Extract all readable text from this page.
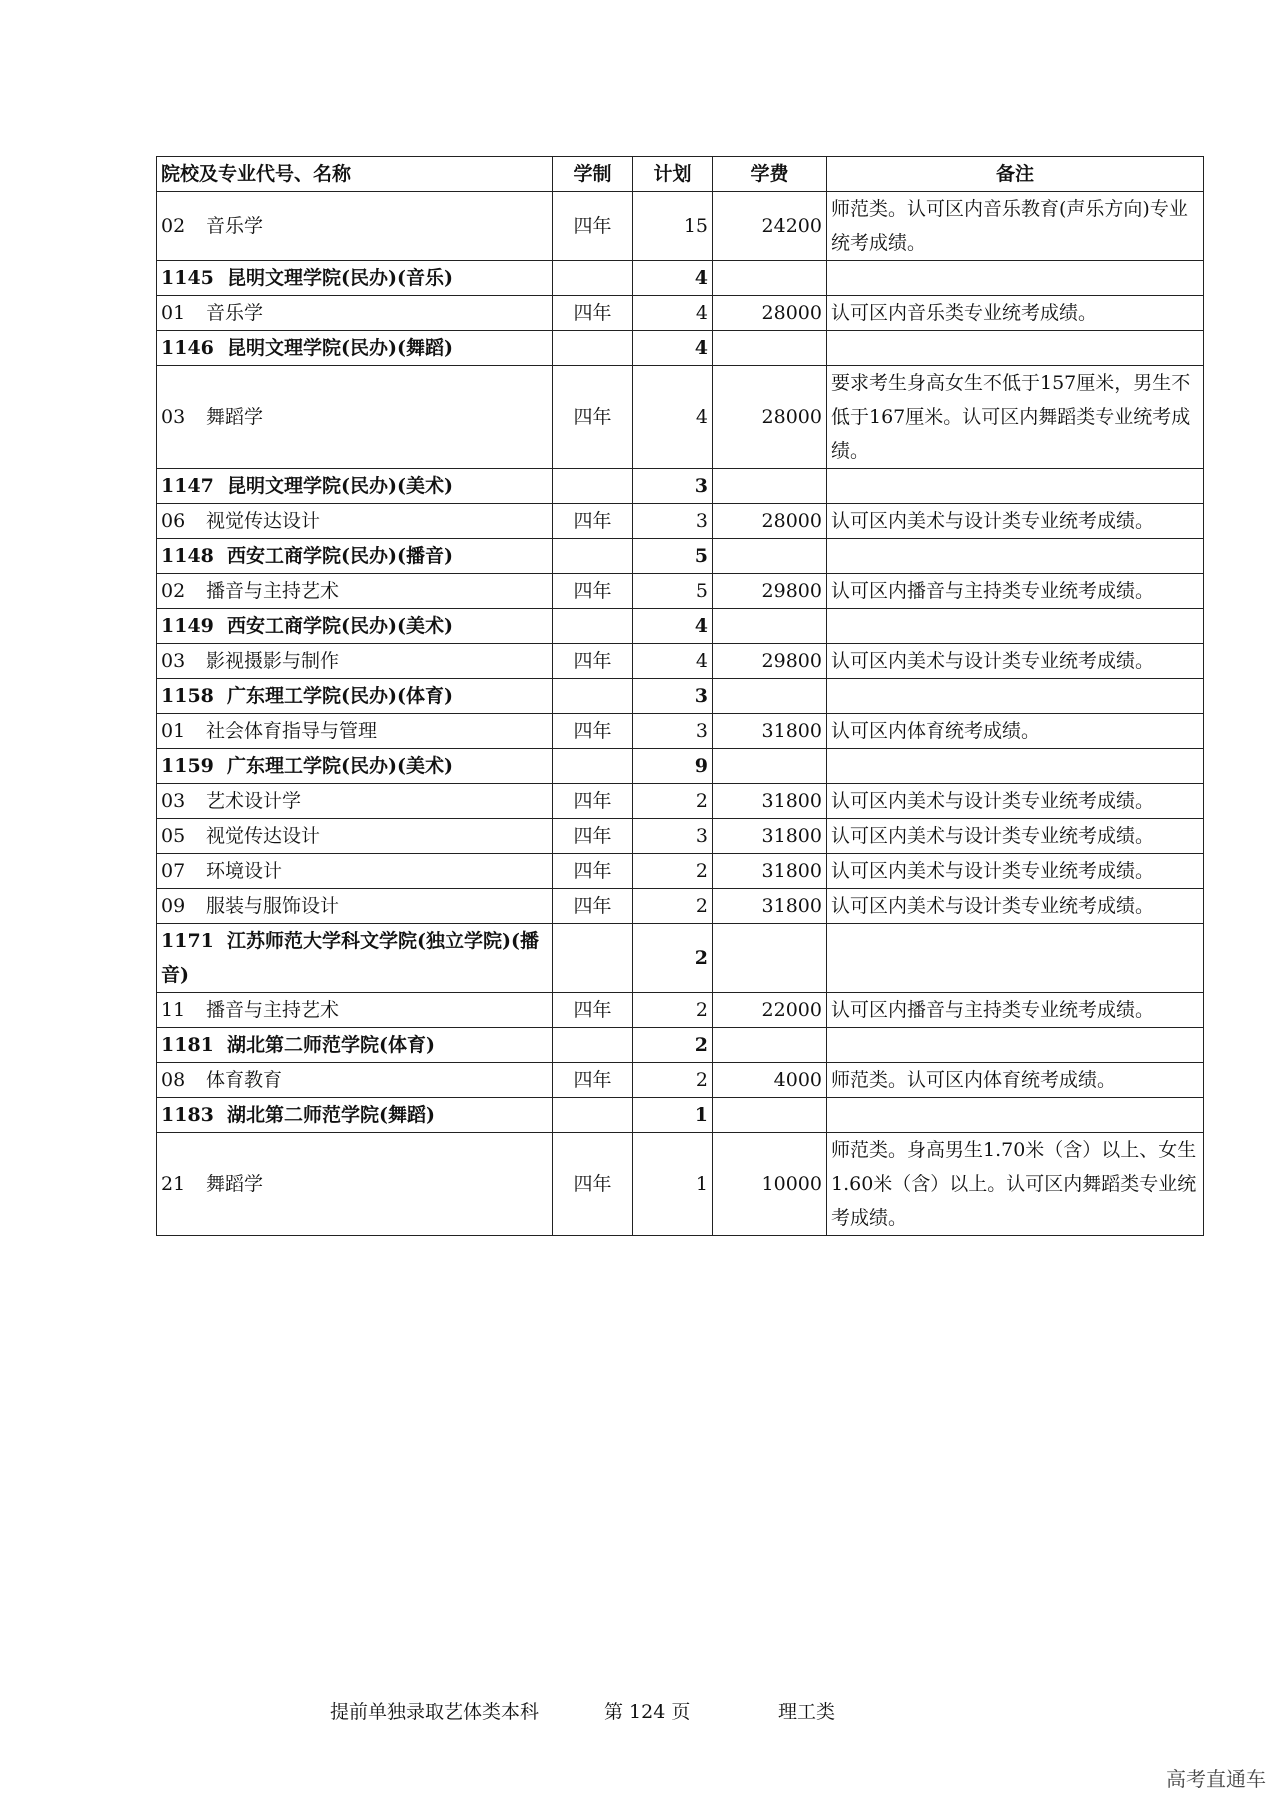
院校及专业代号、名称	学制	计划	学费	备注
02 音乐学	四年	15	24200	师范类。认可区内音乐教育(声乐方向)专业统考成绩。
1145 昆明文理学院(民办)(音乐)		4		
01 音乐学	四年	4	28000	认可区内音乐类专业统考成绩。
1146 昆明文理学院(民办)(舞蹈)		4		
03 舞蹈学	四年	4	28000	要求考生身高女生不低于157厘米，男生不低于167厘米。认可区内舞蹈类专业统考成绩。
1147 昆明文理学院(民办)(美术)		3		
06 视觉传达设计	四年	3	28000	认可区内美术与设计类专业统考成绩。
1148 西安工商学院(民办)(播音)		5		
02 播音与主持艺术	四年	5	29800	认可区内播音与主持类专业统考成绩。
1149 西安工商学院(民办)(美术)		4		
03 影视摄影与制作	四年	4	29800	认可区内美术与设计类专业统考成绩。
1158 广东理工学院(民办)(体育)		3		
01 社会体育指导与管理	四年	3	31800	认可区内体育统考成绩。
1159 广东理工学院(民办)(美术)		9		
03 艺术设计学	四年	2	31800	认可区内美术与设计类专业统考成绩。
05 视觉传达设计	四年	3	31800	认可区内美术与设计类专业统考成绩。
07 环境设计	四年	2	31800	认可区内美术与设计类专业统考成绩。
09 服装与服饰设计	四年	2	31800	认可区内美术与设计类专业统考成绩。
1171 江苏师范大学科文学院(独立学院)(播音)		2		
11 播音与主持艺术	四年	2	22000	认可区内播音与主持类专业统考成绩。
1181 湖北第二师范学院(体育)		2		
08 体育教育	四年	2	4000	师范类。认可区内体育统考成绩。
1183 湖北第二师范学院(舞蹈)		1		
21 舞蹈学	四年	1	10000	师范类。身高男生1.70米（含）以上、女生1.60米（含）以上。认可区内舞蹈类专业统考成绩。
提前单独录取艺体类本科	第 124 页	理工类
高考直通车
